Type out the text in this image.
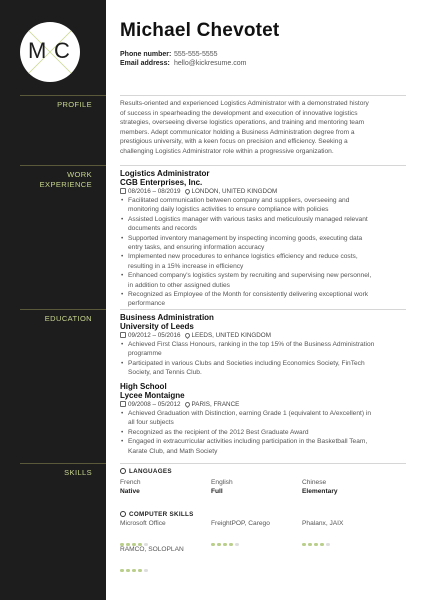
M C
Michael Chevotet
Phone number: 555-555-5555
Email address: hello@kickresume.com
PROFILE	Results-oriented and experienced Logistics Administrator with a demonstrated history
of success in spearheading the development and execution of innovative logistics
strategies, overseeing diverse logistics operations, and training and mentoring team
members. Adept communicator holding a Business Administration degree from a
prestigious university, with a keen focus on precision and efficiency. Seeking a
challenging Logistics Administrator role within a progressive organization.
WORK
EXPERIENCE
Logistics Administrator
CGB Enterprises, Inc.
08/2016 – 08/2019 LONDON, UNITED KINGDOM
• Facilitated communication between company and suppliers, overseeing and
monitoring daily logistics activities to ensure compliance with policies
• Assisted Logistics manager with various tasks and meticulously managed relevant
documents and records
• Supported inventory management by inspecting incoming goods, executing data
entry tasks, and ensuring information accuracy
• Implemented new procedures to enhance logistics efficiency and reduce costs,
resulting in a 15% increase in efficiency
• Enhanced company's logistics system by recruiting and supervising new personnel,
in addition to other assigned duties
• Recognized as Employee of the Month for consistently delivering exceptional work
performance
EDUCATION	Business Administration
University of Leeds
09/2012 – 05/2016 LEEDS, UNITED KINGDOM
• Achieved First Class Honours, ranking in the top 15% of the Business Administration
programme
• Participated in various Clubs and Societies including Economics Society, FinTech
Society, and Tennis Club.
High School
Lycee Montaigne
09/2008 – 05/2012 PARIS, FRANCE
• Achieved Graduation with Distinction, earning Grade 1 (equivalent to A/excellent) in
all four subjects
• Recognized as the recipient of the 2012 Best Graduate Award
• Engaged in extracurricular activities including participation in the Basketball Team,
Karate Club, and Math Society
SKILLS	LANGUAGES
French
Native
English
Full
Chinese
Elementary
COMPUTER SKILLS
Microsoft Office	FreightPOP, Carego	Phalanx, JAIX
RAMCO, SOLOPLAN
